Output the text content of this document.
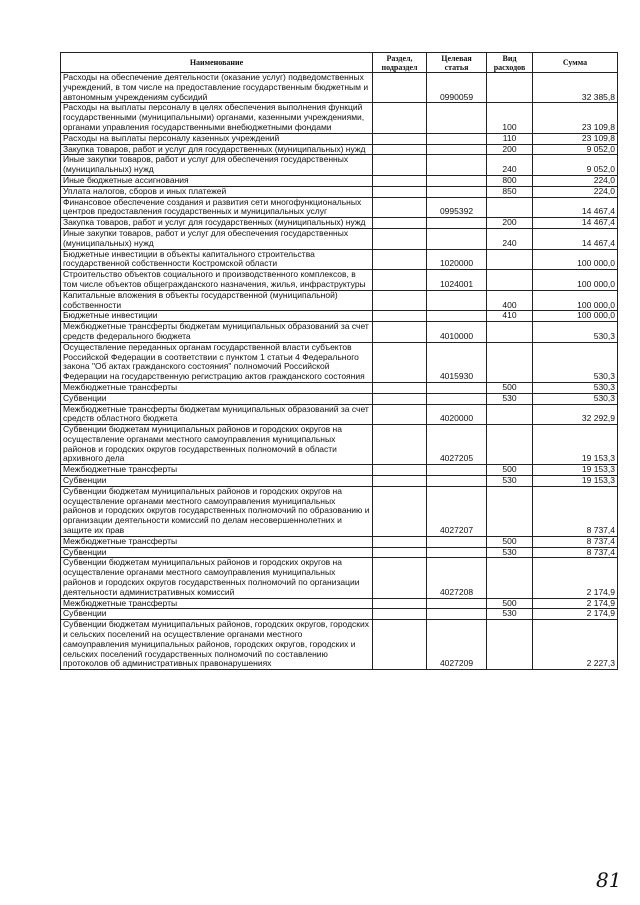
Наименование	Раздел, подраздел	Целевая статья	Вид расходов	Сумма
Расходы на обеспечение деятельности (оказание услуг) подведомственных учреждений, в том числе на предоставление государственным бюджетным и автономным учреждениям субсидий		0990059		32 385,8
Расходы на выплаты персоналу в целях обеспечения выполнения функций государственными (муниципальными) органами, казенными учреждениями, органами управления государственными внебюджетными фондами			100	23 109,8
Расходы на выплаты персоналу казенных учреждений			110	23 109,8
Закупка товаров, работ и услуг для государственных (муниципальных) нужд			200	9 052,0
Иные закупки товаров, работ и услуг для обеспечения государственных (муниципальных) нужд			240	9 052,0
Иные бюджетные ассигнования			800	224,0
Уплата налогов, сборов и иных платежей			850	224,0
Финансовое обеспечение создания и развития сети многофункциональных центров предоставления государственных и муниципальных услуг		0995392		14 467,4
Закупка товаров, работ и услуг для государственных (муниципальных) нужд			200	14 467,4
Иные закупки товаров, работ и услуг для обеспечения государственных (муниципальных) нужд			240	14 467,4
Бюджетные инвестиции в объекты капитального строительства государственной собственности Костромской области		1020000		100 000,0
Строительство объектов социального и производственного комплексов, в том числе объектов общегражданского назначения, жилья, инфраструктуры		1024001		100 000,0
Капитальные вложения в объекты государственной (муниципальной) собственности			400	100 000,0
Бюджетные инвестиции			410	100 000,0
Межбюджетные трансферты бюджетам муниципальных образований за счет средств федерального бюджета		4010000		530,3
Осуществление переданных органам государственной власти субъектов Российской Федерации в соответствии с пунктом 1 статьи 4 Федерального закона "Об актах гражданского состояния" полномочий Российской Федерации на государственную регистрацию актов гражданского состояния		4015930		530,3
Межбюджетные трансферты			500	530,3
Субвенции			530	530,3
Межбюджетные трансферты бюджетам муниципальных образований за счет средств областного бюджета		4020000		32 292,9
Субвенции бюджетам муниципальных районов и городских округов на осуществление органами местного самоуправления муниципальных районов и городских округов государственных полномочий в области архивного дела		4027205		19 153,3
Межбюджетные трансферты			500	19 153,3
Субвенции			530	19 153,3
Субвенции бюджетам муниципальных районов и городских округов на осуществление органами местного самоуправления муниципальных районов и городских округов государственных полномочий по образованию и организации деятельности комиссий по делам несовершеннолетних и защите их прав		4027207		8 737,4
Межбюджетные трансферты			500	8 737,4
Субвенции			530	8 737,4
Субвенции бюджетам муниципальных районов и городских округов на осуществление органами местного самоуправления муниципальных районов и городских округов государственных полномочий по организации деятельности административных комиссий		4027208		2 174,9
Межбюджетные трансферты			500	2 174,9
Субвенции			530	2 174,9
Субвенции бюджетам муниципальных районов, городских округов, городских и сельских поселений на осуществление органами местного самоуправления муниципальных районов, городских округов, городских и сельских поселений государственных полномочий по составлению протоколов об административных правонарушениях		4027209		2 227,3
81
